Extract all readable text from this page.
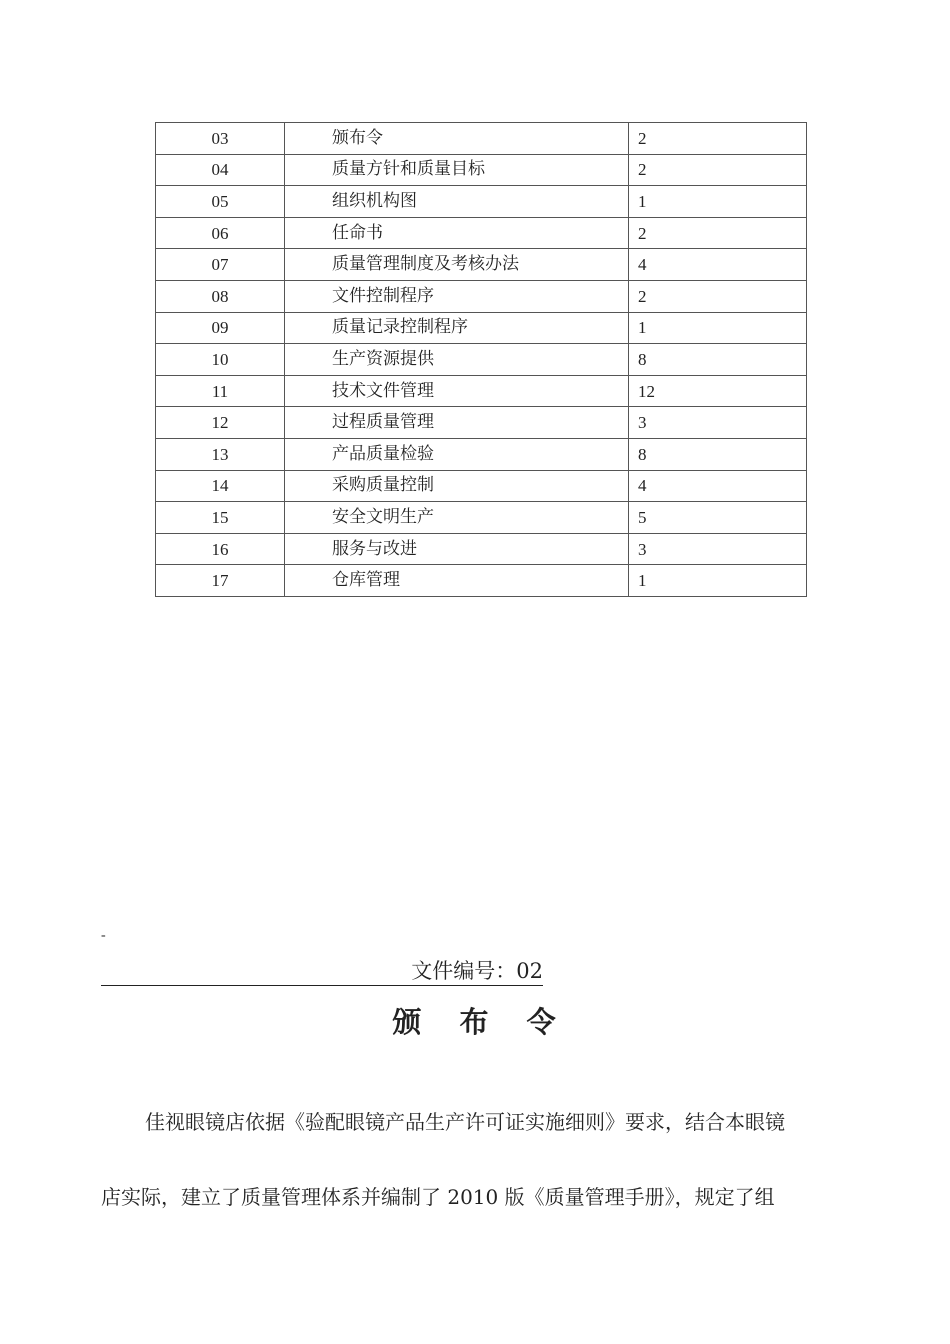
03	颁布令	2
04	质量方针和质量目标	2
05	组织机构图	1
06	任命书	2
07	质量管理制度及考核办法	4
08	文件控制程序	2
09	质量记录控制程序	1
10	生产资源提供	8
11	技术文件管理	12
12	过程质量管理	3
13	产品质量检验	8
14	采购质量控制	4
15	安全文明生产	5
16	服务与改进	3
17	仓库管理	1
-
文件编号：02
颁 布 令
佳视眼镜店依据《验配眼镜产品生产许可证实施细则》要求，结合本眼镜
店实际，建立了质量管理体系并编制了 2010 版《质量管理手册》，规定了组
